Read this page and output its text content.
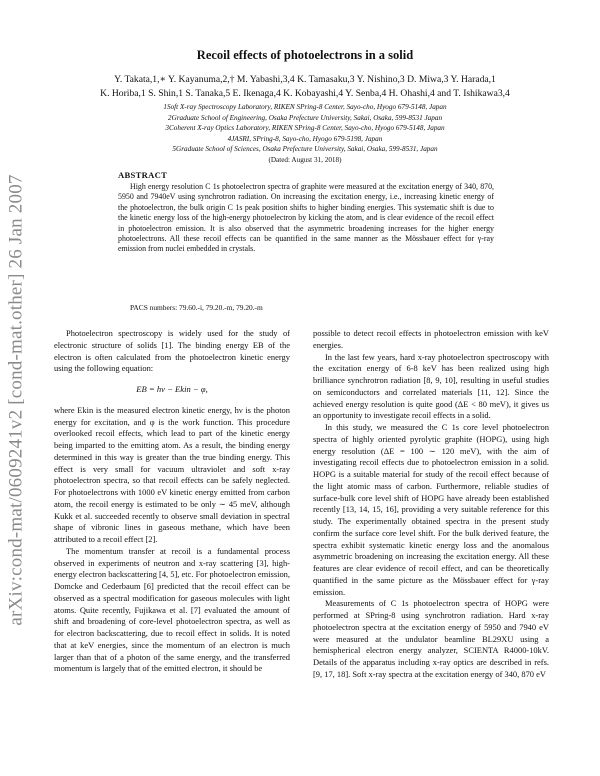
arXiv:cond-mat/0609241v2 [cond-mat.other] 26 Jan 2007
Recoil effects of photoelectrons in a solid
Y. Takata,1,∗ Y. Kayanuma,2,† M. Yabashi,3,4 K. Tamasaku,3 Y. Nishino,3 D. Miwa,3 Y. Harada,1
K. Horiba,1 S. Shin,1 S. Tanaka,5 E. Ikenaga,4 K. Kobayashi,4 Y. Senba,4 H. Ohashi,4 and T. Ishikawa3,4
1Soft X-ray Spectroscopy Laboratory, RIKEN SPring-8 Center, Sayo-cho, Hyogo 679-5148, Japan
2Graduate School of Engineering, Osaka Prefecture University, Sakai, Osaka, 599-8531 Japan
3Coherent X-ray Optics Laboratory, RIKEN SPring-8 Center, Sayo-cho, Hyogo 679-5148, Japan
4JASRI, SPring-8, Sayo-cho, Hyogo 679-5198, Japan
5Graduate School of Sciences, Osaka Prefecture University, Sakai, Osaka, 599-8531, Japan
(Dated: August 31, 2018)
ABSTRACT

High energy resolution C 1s photoelectron spectra of graphite were measured at the excitation energy of 340, 870, 5950 and 7940eV using synchrotron radiation. On increasing the excitation energy, i.e., increasing kinetic energy of the photoelectron, the bulk origin C 1s peak position shifts to higher binding energies. This systematic shift is due to the kinetic energy loss of the high-energy photoelectron by kicking the atom, and is clear evidence of the recoil effect in photoelectron emission. It is also observed that the asymmetric broadening increases for the higher energy photoelectrons. All these recoil effects can be quantified in the same manner as the Mössbauer effect for γ-ray emission from nuclei embedded in crystals.

PACS numbers: 79.60.-i, 79.20.-m, 79.20.-m

Photoelectron spectroscopy is widely used for the study of electronic structure of solids [1]. The binding energy EB of the electron is often calculated from the photoelectron kinetic energy using the following equation:

EB = hν − Ekin − φ,

where Ekin is the measured electron kinetic energy, hν is the photon energy for excitation, and φ is the work function. This procedure overlooked recoil effects, which lead to part of the kinetic energy being imparted to the emitting atom. As a result, the binding energy determined in this way is greater than the true binding energy. This effect is very small for vacuum ultraviolet and soft x-ray photoelectron spectra, so that recoil effects can be safely neglected. For photoelectrons with 1000 eV kinetic energy emitted from carbon atom, the recoil energy is estimated to be only ∼ 45 meV, although Kukk et al. succeeded recently to observe small deviation in spectral shape of vibronic lines in gaseous methane, which have been attributed to a recoil effect [2].

The momentum transfer at recoil is a fundamental process observed in experiments of neutron and x-ray scattering [3], high-energy electron backscattering [4, 5], etc. For photoelectron emission, Domcke and Cederbaum [6] predicted that the recoil effect can be observed as a spectral modification for gaseous molecules with light atoms. Quite recently, Fujikawa et al. [7] evaluated the amount of shift and broadening of core-level photoelectron spectra, as well as for electron backscattering, due to recoil effect in solids. It is noted that at keV energies, since the momentum of an electron is much larger than that of a photon of the same energy, and the transferred momentum is largely that of the emitted electron, it should be

possible to detect recoil effects in photoelectron emission with keV energies.

In the last few years, hard x-ray photoelectron spectroscopy with the excitation energy of 6-8 keV has been realized using high brilliance synchrotron radiation [8, 9, 10], resulting in useful studies on semiconductors and correlated materials [11, 12]. Since the achieved energy resolution is quite good (ΔE < 80 meV), it gives us an opportunity to investigate recoil effects in a solid.

In this study, we measured the C 1s core level photoelectron spectra of highly oriented pyrolytic graphite (HOPG), using high energy resolution (ΔE = 100 ∼ 120 meV), with the aim of investigating recoil effects due to photoelectron emission in a solid. HOPG is a suitable material for study of the recoil effect because of the light atomic mass of carbon. Furthermore, reliable studies of surface-bulk core level shift of HOPG have already been established recently [13, 14, 15, 16], providing a very suitable reference for this study. The experimentally obtained spectra in the present study confirm the surface core level shift. For the bulk derived feature, the spectra exhibit systematic kinetic energy loss and the anomalous asymmetric broadening on increasing the excitation energy. All these features are clear evidence of recoil effect, and can be theoretically quantified in the same picture as the Mössbauer effect for γ-ray emission.

Measurements of C 1s photoelectron spectra of HOPG were performed at SPring-8 using synchrotron radiation. Hard x-ray photoelectron spectra at the excitation energy of 5950 and 7940 eV were measured at the undulator beamline BL29XU using a hemispherical electron energy analyzer, SCIENTA R4000-10kV. Details of the apparatus including x-ray optics are described in refs. [9, 17, 18]. Soft x-ray spectra at the excitation energy of 340, 870 eV
